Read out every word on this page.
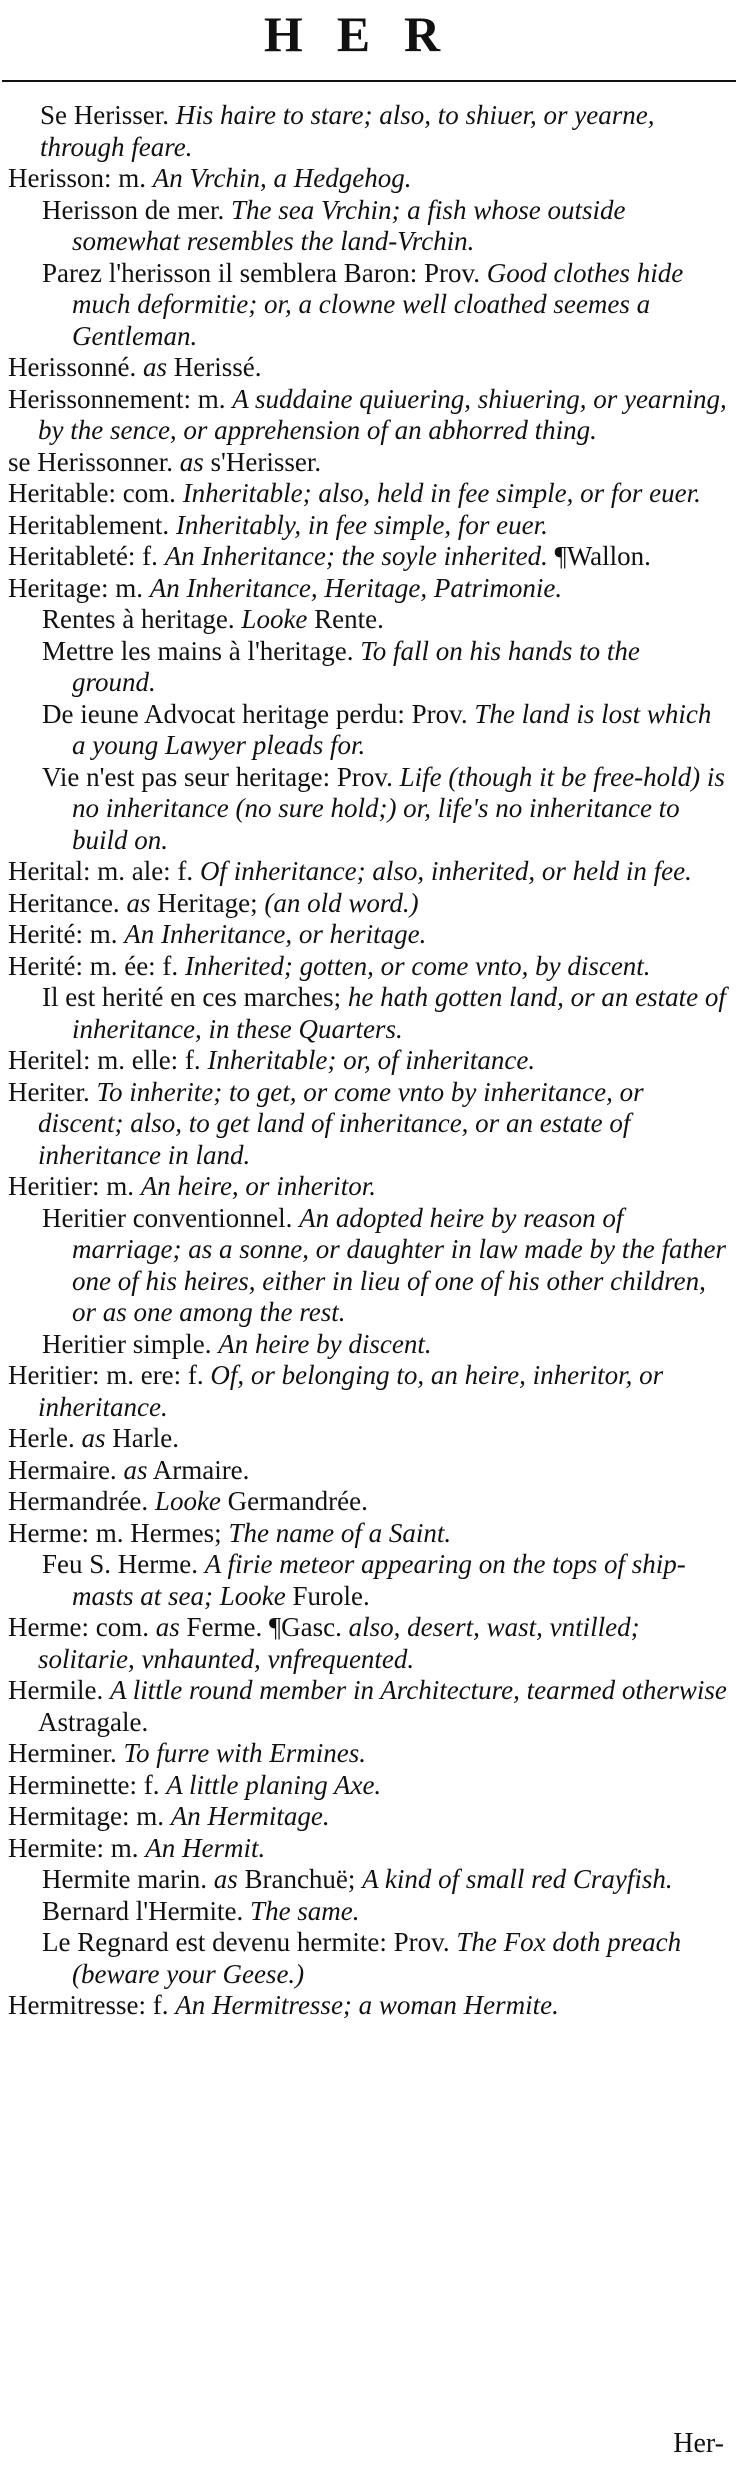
HER

Se Herisser. His haire to stare; also, to shiuer, or yearne, through feare.

Herisson: m. An Vrchin, a Hedgehog.

Herisson de mer. The sea Vrchin; a fish whose outside somewhat resembles the land-Vrchin.

Parez l'herisson il semblera Baron: Prov. Good clothes hide much deformitie; or, a clowne well cloathed seemes a Gentleman.

Herissonné. as Herissé.

Herissonnement: m. A suddaine quiuering, shiuering, or yearning, by the sence, or apprehension of an abhorred thing.

se Herissonner. as s'Herisser.

Heritable: com. Inheritable; also, held in fee simple, or for euer.

Heritablement. Inheritably, in fee simple, for euer.

Heritableté: f. An Inheritance; the soyle inherited. ¶Wallon.

Heritage: m. An Inheritance, Heritage, Patrimonie.

Rentes à heritage. Looke Rente.

Mettre les mains à l'heritage. To fall on his hands to the ground.

De ieune Advocat heritage perdu: Prov. The land is lost which a young Lawyer pleads for.

Vie n'est pas seur heritage: Prov. Life (though it be free-hold) is no inheritance (no sure hold;) or, life's no inheritance to build on.

Herital: m. ale: f. Of inheritance; also, inherited, or held in fee.

Heritance. as Heritage; (an old word.)

Herité: m. An Inheritance, or heritage.

Herité: m. ée: f. Inherited; gotten, or come vnto, by discent.

Il est herité en ces marches; he hath gotten land, or an estate of inheritance, in these Quarters.

Heritel: m. elle: f. Inheritable; or, of inheritance.

Heriter. To inherite; to get, or come vnto by inheritance, or discent; also, to get land of inheritance, or an estate of inheritance in land.

Heritier: m. An heire, or inheritor.

Heritier conventionnel. An adopted heire by reason of marriage; as a sonne, or daughter in law made by the father one of his heires, either in lieu of one of his other children, or as one among the rest.

Heritier simple. An heire by discent.

Heritier: m. ere: f. Of, or belonging to, an heire, inheritor, or inheritance.

Herle. as Harle.

Hermaire. as Armaire.

Hermandrée. Looke Germandrée.

Herme: m. Hermes; The name of a Saint.

Feu S. Herme. A firie meteor appearing on the tops of ship-masts at sea; Looke Furole.

Herme: com. as Ferme. ¶Gasc. also, desert, wast, vntilled; solitarie, vnhaunted, vnfrequented.

Hermile. A little round member in Architecture, tearmed otherwise Astragale.

Herminer. To furre with Ermines.

Herminette: f. A little planing Axe.

Hermitage: m. An Hermitage.

Hermite: m. An Hermit.

Hermite marin. as Branchuë; A kind of small red Crayfish.

Bernard l'Hermite. The same.

Le Regnard est devenu hermite: Prov. The Fox doth preach (beware your Geese.)

Hermitresse: f. An Hermitresse; a woman Hermite.

Her-
